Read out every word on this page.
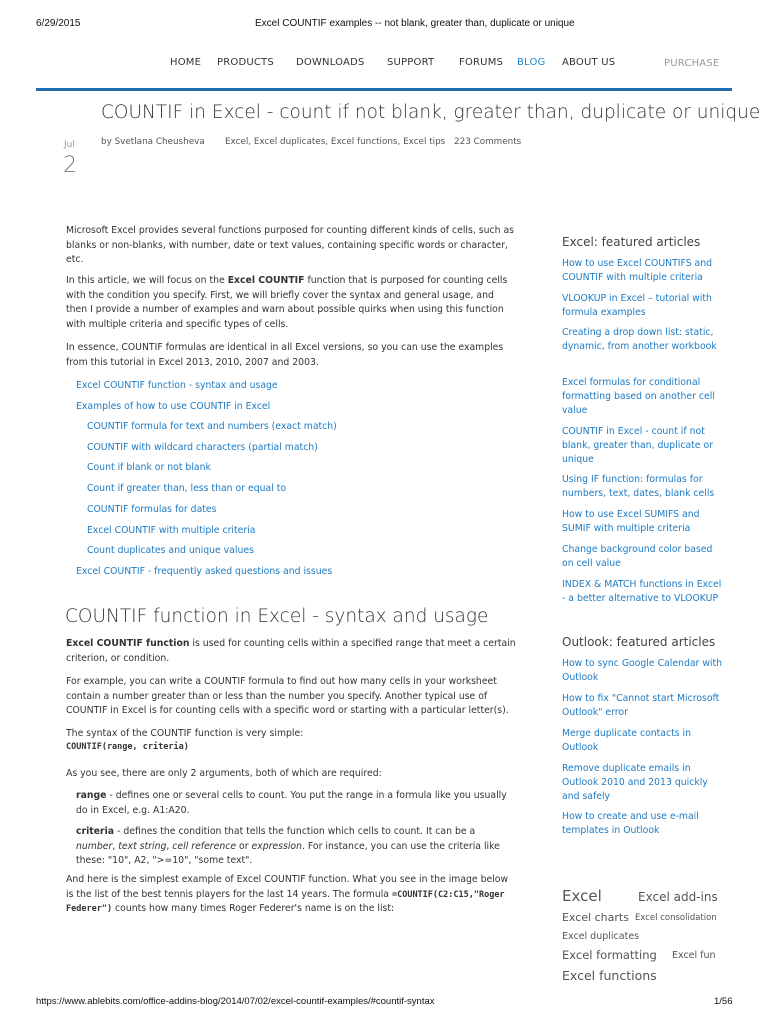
6/29/2015	Excel COUNTIF examples -- not blank, greater than, duplicate or unique
HOME PRODUCTS DOWNLOADS SUPPORT FORUMS BLOG ABOUT US	PURCHASE
COUNTIF in Excel - count if not blank, greater than, duplicate or unique
Jul
2
by Svetlana Cheusheva Excel, Excel duplicates, Excel functions, Excel tips 223 Comments
Microsoft Excel provides several functions purposed for counting different kinds of cells, such as blanks or non-blanks, with number, date or text values, containing specific words or character, etc.
In this article, we will focus on the Excel COUNTIF function that is purposed for counting cells with the condition you specify. First, we will briefly cover the syntax and general usage, and then I provide a number of examples and warn about possible quirks when using this function with multiple criteria and specific types of cells.
In essence, COUNTIF formulas are identical in all Excel versions, so you can use the examples from this tutorial in Excel 2013, 2010, 2007 and 2003.
Excel COUNTIF function - syntax and usage
Examples of how to use COUNTIF in Excel
COUNTIF formula for text and numbers (exact match)
COUNTIF with wildcard characters (partial match)
Count if blank or not blank
Count if greater than, less than or equal to
COUNTIF formulas for dates
Excel COUNTIF with multiple criteria
Count duplicates and unique values
Excel COUNTIF - frequently asked questions and issues
COUNTIF function in Excel - syntax and usage
Excel COUNTIF function is used for counting cells within a specified range that meet a certain criterion, or condition.
For example, you can write a COUNTIF formula to find out how many cells in your worksheet contain a number greater than or less than the number you specify. Another typical use of COUNTIF in Excel is for counting cells with a specific word or starting with a particular letter(s).
The syntax of the COUNTIF function is very simple:
COUNTIF(range, criteria)
As you see, there are only 2 arguments, both of which are required:
range - defines one or several cells to count. You put the range in a formula like you usually do in Excel, e.g. A1:A20.
criteria - defines the condition that tells the function which cells to count. It can be a number, text string, cell reference or expression. For instance, you can use the criteria like these: "10", A2, ">=10", "some text".
And here is the simplest example of Excel COUNTIF function. What you see in the image below is the list of the best tennis players for the last 14 years. The formula =COUNTIF(C2:C15,"Roger Federer") counts how many times Roger Federer's name is on the list:
Excel: featured articles
How to use Excel COUNTIFS and COUNTIF with multiple criteria
VLOOKUP in Excel – tutorial with formula examples
Creating a drop down list: static, dynamic, from another workbook
Excel formulas for conditional formatting based on another cell value
COUNTIF in Excel - count if not blank, greater than, duplicate or unique
Using IF function: formulas for numbers, text, dates, blank cells
How to use Excel SUMIFS and SUMIF with multiple criteria
Change background color based on cell value
INDEX & MATCH functions in Excel - a better alternative to VLOOKUP
Outlook: featured articles
How to sync Google Calendar with Outlook
How to fix "Cannot start Microsoft Outlook" error
Merge duplicate contacts in Outlook
Remove duplicate emails in Outlook 2010 and 2013 quickly and safely
How to create and use e-mail templates in Outlook
Excel	Excel add-ins
Excel charts Excel consolidation
Excel duplicates
Excel formatting Excel fun
Excel functions
https://www.ablebits.com/office-addins-blog/2014/07/02/excel-countif-examples/#countif-syntax	1/56
